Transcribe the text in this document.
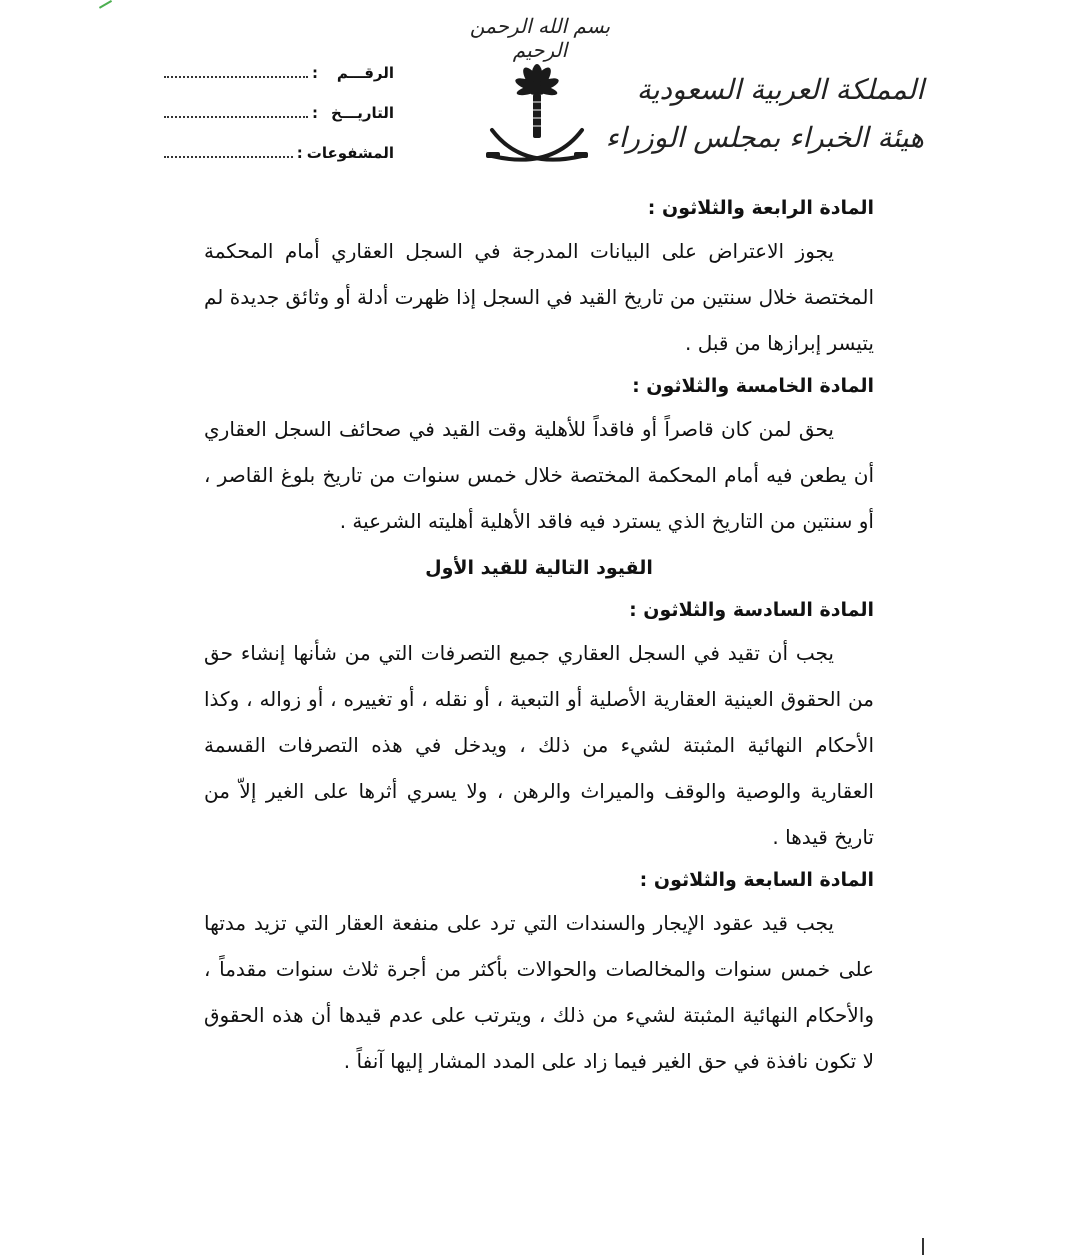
بسم الله الرحمن الرحيم
المملكة العربية السعودية
هيئة الخبراء بمجلس الوزراء
الرقـــم
:
التاريـــخ
:
المشفوعات
:

المادة الرابعة والثلاثون :

يجوز الاعتراض على البيانات المدرجة في السجل العقاري أمام المحكمة المختصة خلال سنتين من تاريخ القيد في السجل إذا ظهرت أدلة أو وثائق جديدة لم يتيسر إبرازها من قبل .

المادة الخامسة والثلاثون :

يحق لمن كان قاصراً أو فاقداً للأهلية وقت القيد في صحائف السجل العقاري أن يطعن فيه أمام المحكمة المختصة خلال خمس سنوات من تاريخ بلوغ القاصر ، أو سنتين من التاريخ الذي يسترد فيه فاقد الأهلية أهليته الشرعية .

القيود التالية للقيد الأول

المادة السادسة والثلاثون :

يجب أن تقيد في السجل العقاري جميع التصرفات التي من شأنها إنشاء حق من الحقوق العينية العقارية الأصلية أو التبعية ، أو نقله ، أو تغييره ، أو زواله ، وكذا الأحكام النهائية المثبتة لشيء من ذلك ، ويدخل في هذه التصرفات القسمة العقارية والوصية والوقف والميراث والرهن ، ولا يسري أثرها على الغير إلاّ من تاريخ قيدها .

المادة السابعة والثلاثون :

يجب قيد عقود الإيجار والسندات التي ترد على منفعة العقار التي تزيد مدتها على خمس سنوات والمخالصات والحوالات بأكثر من أجرة ثلاث سنوات مقدماً ، والأحكام النهائية المثبتة لشيء من ذلك ، ويترتب على عدم قيدها أن هذه الحقوق لا تكون نافذة في حق الغير فيما زاد على المدد المشار إليها آنفاً .
